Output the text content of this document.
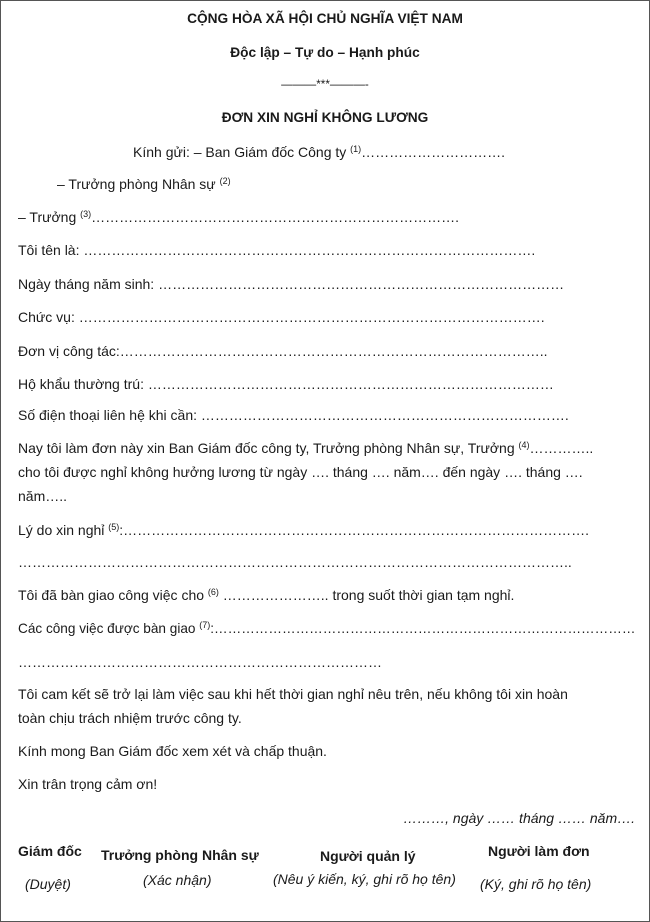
CỘNG HÒA XÃ HỘI CHỦ NGHĨA VIỆT NAM
Độc lập – Tự do – Hạnh phúc
———***———-
ĐƠN XIN NGHỈ KHÔNG LƯƠNG
Kính gửi: – Ban Giám đốc Công ty $^{(1)}$………………………….
– Trưởng phòng Nhân sự $^{(2)}$
– Trưởng $^{(3)}$…………………………………………………………………….
Tôi tên là: …………………………………………………………………………………….
Ngày tháng năm sinh: ……………………………………………………………………………
Chức vụ: ……………………………………………………………………………………….
Đơn vị công tác:………………………………………………………………………………..
Hộ khẩu thường trú: ……………………………………………………………………………
Số điện thoại liên hệ khi cần: …………………………………………………………………….
Nay tôi làm đơn này xin Ban Giám đốc công ty, Trưởng phòng Nhân sự, Trưởng $^{(4)}$…………..
cho tôi được nghỉ không hưởng lương từ ngày …. tháng …. năm…. đến ngày …. tháng ….
năm…..
Lý do xin nghỉ $^{(5)}$:……………………………………………………………………………………….
………………………………………………………………………………………………………..
Tôi đã bàn giao công việc cho $^{(6)}$ ………………….. trong suốt thời gian tạm nghỉ.
Các công việc được bàn giao $^{(7)}$:…………………………………………………………………………………
……………………………………………………………………
Tôi cam kết sẽ trở lại làm việc sau khi hết thời gian nghỉ nêu trên, nếu không tôi xin hoàn
toàn chịu trách nhiệm trước công ty.
Kính mong Ban Giám đốc xem xét và chấp thuận.
Xin trân trọng cảm ơn!
………, ngày …… tháng …… năm….
Giám đốc
(Duyệt)
Trưởng phòng Nhân sự
(Xác nhận)
Người quản lý
(Nêu ý kiến, ký, ghi rõ họ tên)
Người làm đơn
(Ký, ghi rõ họ tên)
